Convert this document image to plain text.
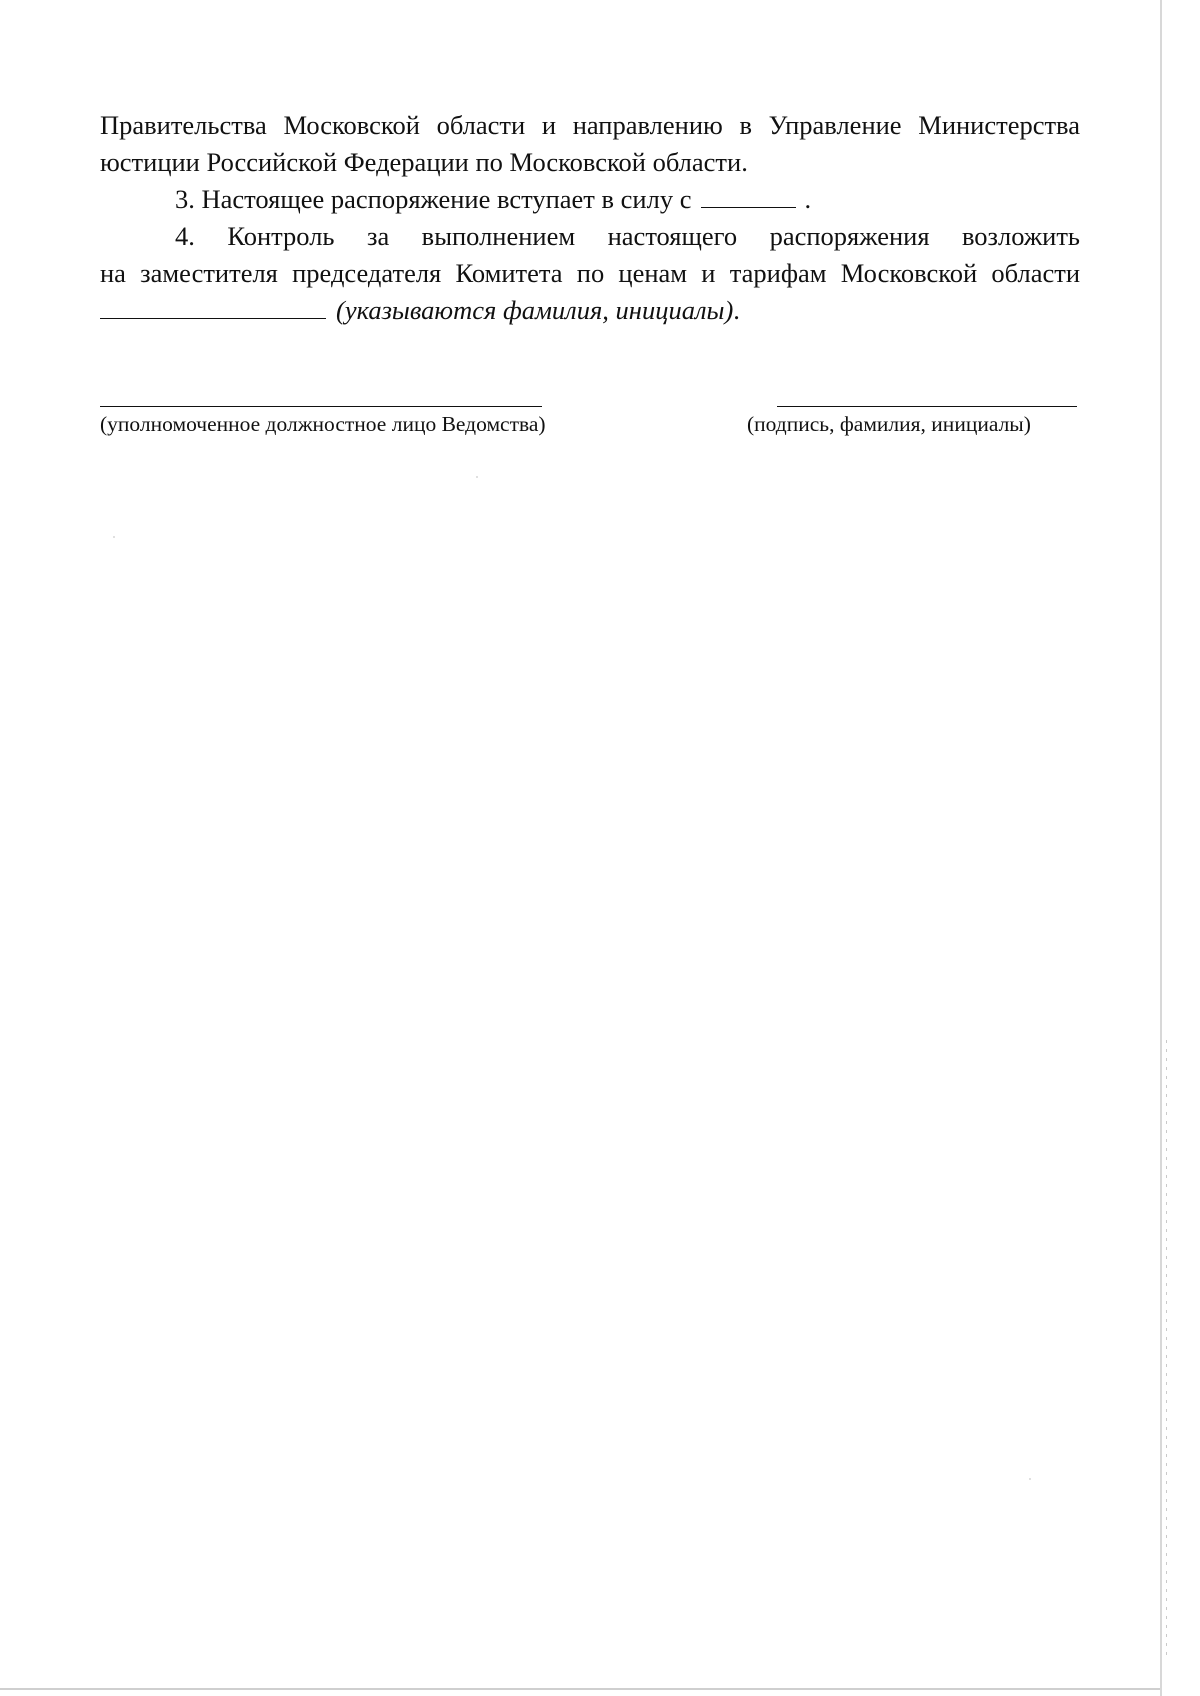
Правительства Московской области и направлению в Управление Министерства

юстиции Российской Федерации по Московской области.

3. Настоящее распоряжение вступает в силу с	.

4. Контроль за выполнением настоящего распоряжения возложить

на заместителя председателя Комитета по ценам и тарифам Московской области

(указываются фамилия, инициалы).

(уполномоченное должностное лицо Ведомства)	(подпись, фамилия, инициалы)
